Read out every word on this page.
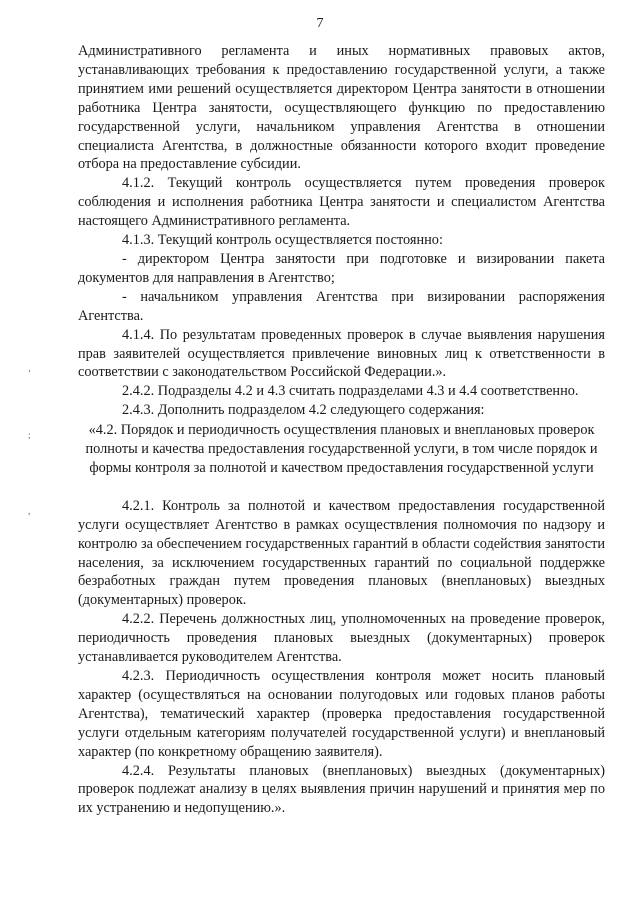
7
‘
;
,

Административного регламента и иных нормативных правовых актов, устанавливающих требования к предоставлению государственной услуги, а также принятием ими решений осуществляется директором Центра занятости в отношении работника Центра занятости, осуществляющего функцию по предоставлению государственной услуги, начальником управления Агентства в отношении специалиста Агентства, в должностные обязанности которого входит проведение отбора на предоставление субсидии.

4.1.2. Текущий контроль осуществляется путем проведения проверок соблюдения и исполнения работника Центра занятости и специалистом Агентства настоящего Административного регламента.

4.1.3. Текущий контроль осуществляется постоянно:

- директором Центра занятости при подготовке и визировании пакета документов для направления в Агентство;

- начальником управления Агентства при визировании распоряжения Агентства.

4.1.4. По результатам проведенных проверок в случае выявления нарушения прав заявителей осуществляется привлечение виновных лиц к ответственности в соответствии с законодательством Российской Федерации.».

2.4.2. Подразделы 4.2 и 4.3 считать подразделами 4.3 и 4.4 соответственно.

2.4.3. Дополнить подразделом 4.2 следующего содержания:

«4.2. Порядок и периодичность осуществления плановых и внеплановых проверок полноты и качества предоставления государственной услуги, в том числе порядок и формы контроля за полнотой и качеством предоставления государственной услуги

4.2.1. Контроль за полнотой и качеством предоставления государственной услуги осуществляет Агентство в рамках осуществления полномочия по надзору и контролю за обеспечением государственных гарантий в области содействия занятости населения, за исключением государственных гарантий по социальной поддержке безработных граждан путем проведения плановых (внеплановых) выездных (документарных) проверок.

4.2.2. Перечень должностных лиц, уполномоченных на проведение проверок, периодичность проведения плановых выездных (документарных) проверок устанавливается руководителем Агентства.

4.2.3. Периодичность осуществления контроля может носить плановый характер (осуществляться на основании полугодовых или годовых планов работы Агентства), тематический характер (проверка предоставления государственной услуги отдельным категориям получателей государственной услуги) и внеплановый характер (по конкретному обращению заявителя).

4.2.4. Результаты плановых (внеплановых) выездных (документарных) проверок подлежат анализу в целях выявления причин нарушений и принятия мер по их устранению и недопущению.».
